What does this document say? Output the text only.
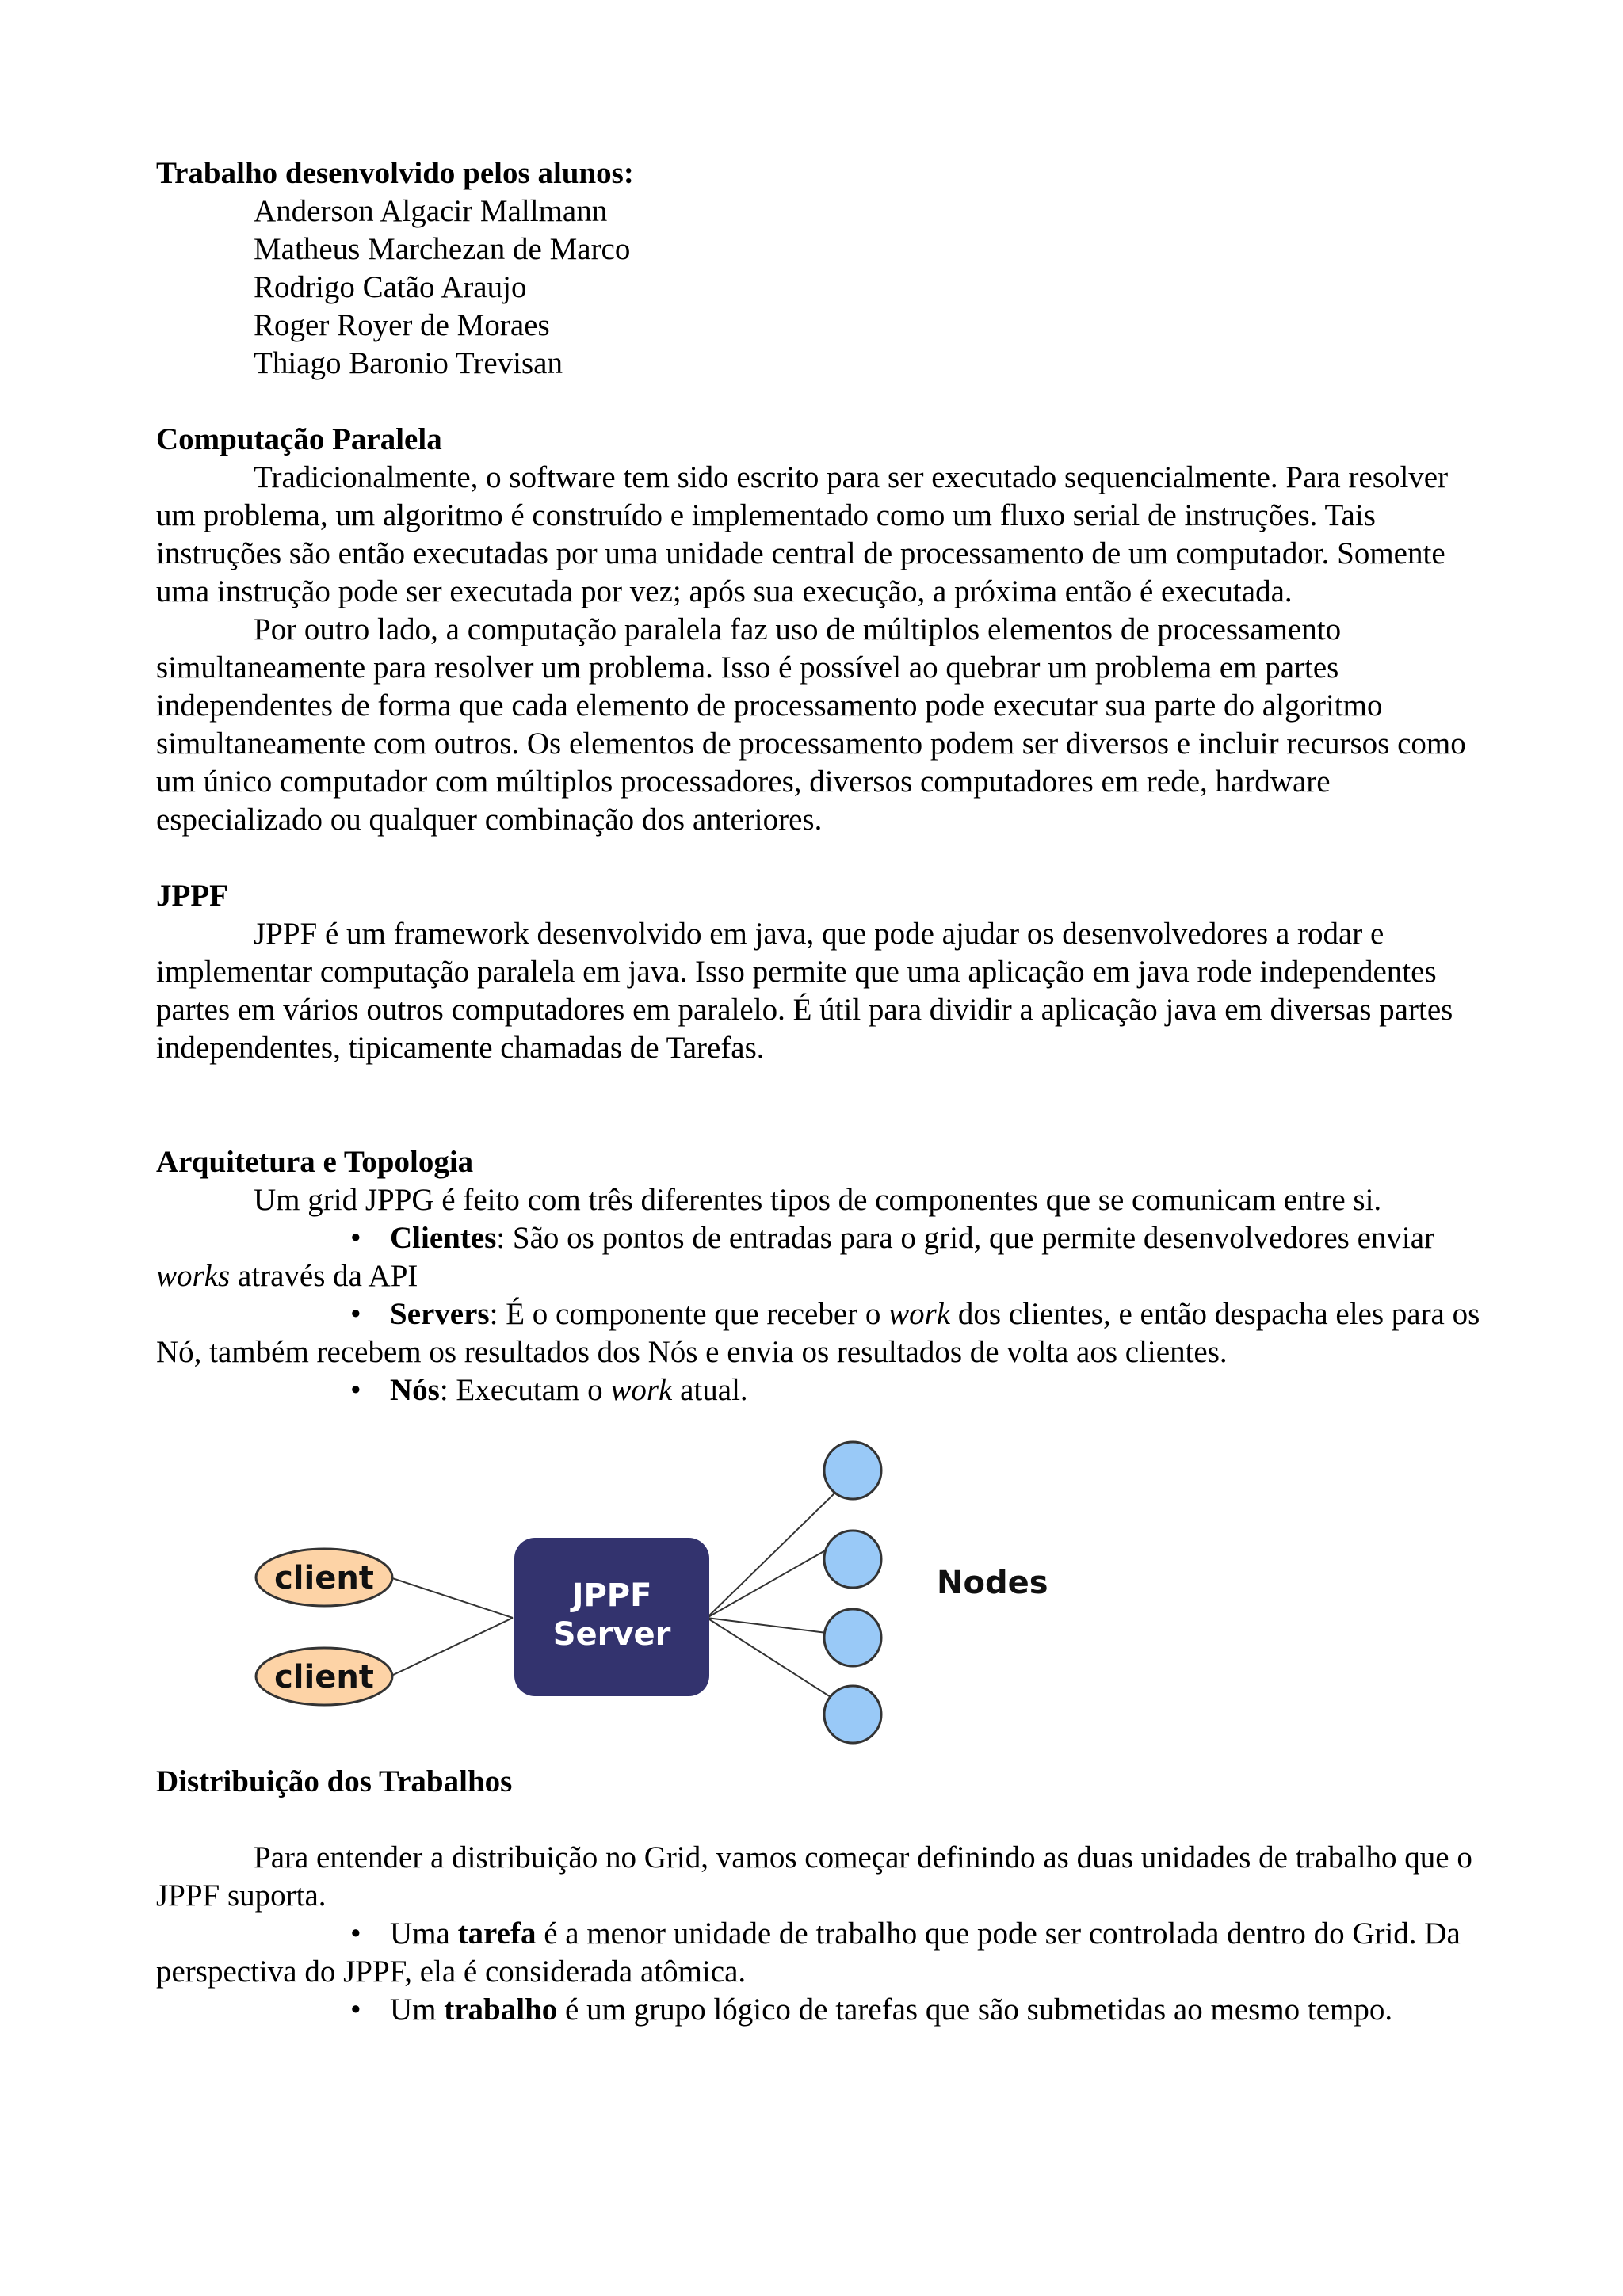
Trabalho desenvolvido pelos alunos:

Anderson Algacir Mallmann

Matheus Marchezan de Marco

Rodrigo Catão Araujo

Roger Royer de Moraes

Thiago Baronio Trevisan

Computação Paralela

Tradicionalmente, o software tem sido escrito para ser executado sequencialmente. Para resolver um problema, um algoritmo é construído e implementado como um fluxo serial de instruções. Tais instruções são então executadas por uma unidade central de processamento de um computador. Somente uma instrução pode ser executada por vez; após sua execução, a próxima então é executada.

Por outro lado, a computação paralela faz uso de múltiplos elementos de processamento simultaneamente para resolver um problema. Isso é possível ao quebrar um problema em partes independentes de forma que cada elemento de processamento pode executar sua parte do algoritmo simultaneamente com outros. Os elementos de processamento podem ser diversos e incluir recursos como um único computador com múltiplos processadores, diversos computadores em rede, hardware especializado ou qualquer combinação dos anteriores.

JPPF

JPPF é um framework desenvolvido em java, que pode ajudar os desenvolvedores a rodar e implementar computação paralela em java. Isso permite que uma aplicação em java rode independentes partes em vários outros computadores em paralelo. É útil para dividir a aplicação java em diversas partes independentes, tipicamente chamadas de Tarefas.

Arquitetura e Topologia

Um grid JPPG é feito com três diferentes tipos de componentes que se comunicam entre si.

• Clientes: São os pontos de entradas para o grid, que permite desenvolvedores enviar works através da API

• Servers: É o componente que receber o work dos clientes, e então despacha eles para os Nó, também recebem os resultados dos Nós e envia os resultados de volta aos clientes.

• Nós: Executam o work atual.

client
client
JPPF
Server
Nodes

Distribuição dos Trabalhos

Para entender a distribuição no Grid, vamos começar definindo as duas unidades de trabalho que o JPPF suporta.

• Uma tarefa é a menor unidade de trabalho que pode ser controlada dentro do Grid. Da perspectiva do JPPF, ela é considerada atômica.

• Um trabalho é um grupo lógico de tarefas que são submetidas ao mesmo tempo.
